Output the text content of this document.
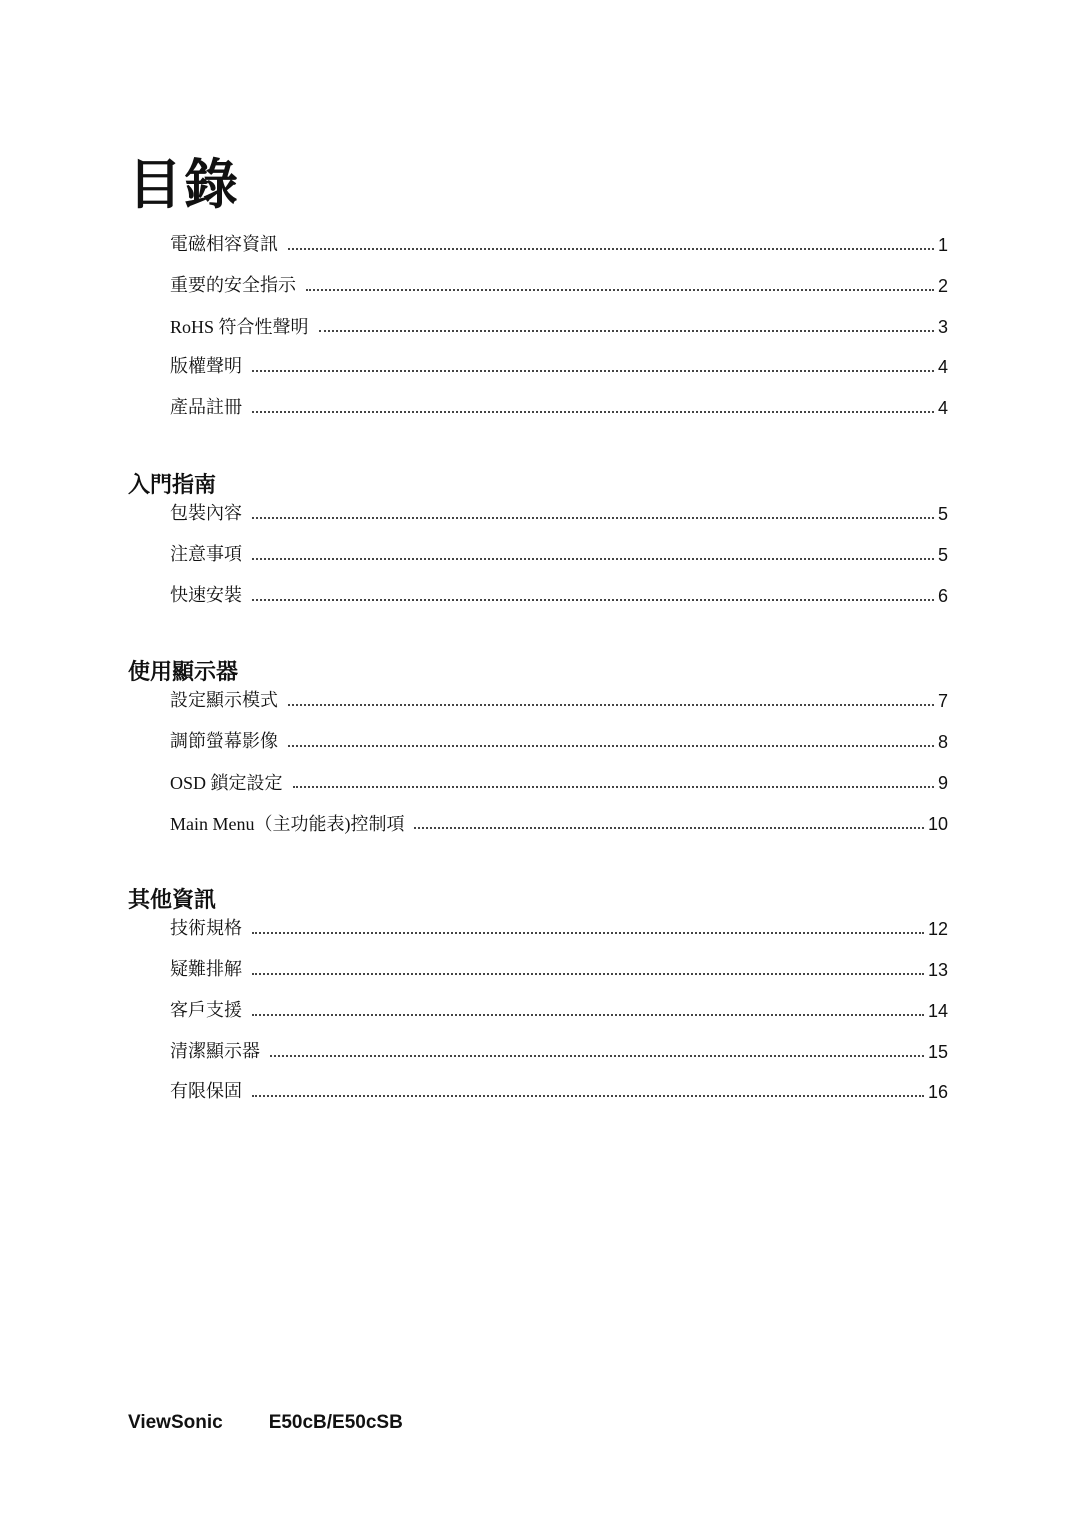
目錄
電磁相容資訊	1
重要的安全指示	2
RoHS 符合性聲明	3
版權聲明	4
產品註冊	4
入門指南
包裝內容	5
注意事項	5
快速安裝	6
使用顯示器
設定顯示模式	7
調節螢幕影像	8
OSD 鎖定設定	9
Main Menu（主功能表)控制項	10
其他資訊
技術規格	12
疑難排解	13
客戶支援	14
清潔顯示器	15
有限保固	16
ViewSonic E50cB/E50cSB
